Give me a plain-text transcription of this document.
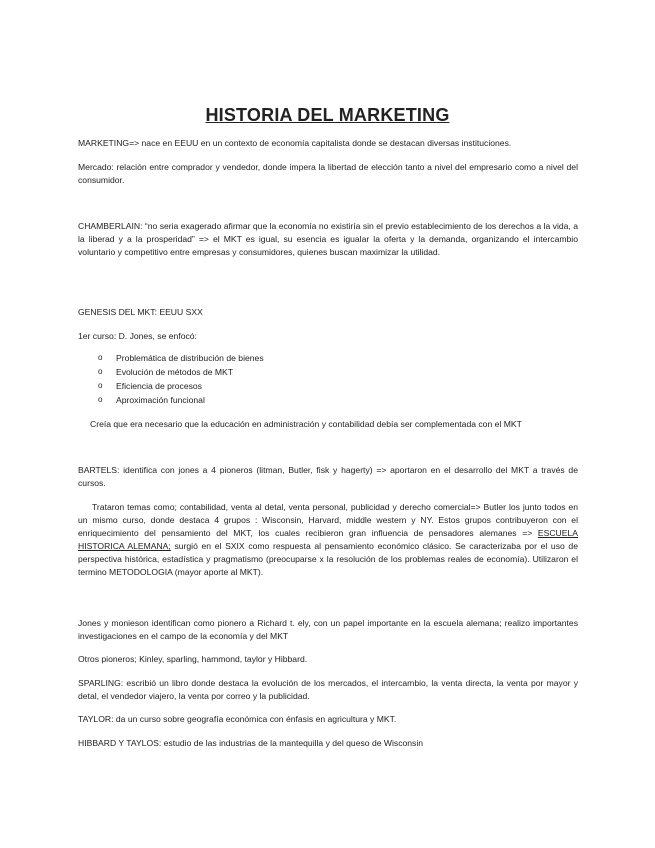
HISTORIA DEL MARKETING

MARKETING=> nace en EEUU en un contexto de economía capitalista donde se destacan diversas instituciones.

Mercado: relación entre comprador y vendedor, donde impera la libertad de elección tanto a nivel del empresario como a nivel del consumidor.

CHAMBERLAIN: “no seria exagerado afirmar que la economía no existiría sin el previo establecimiento de los derechos a la vida, a la liberad y a la prosperidad” => el MKT es igual, su esencia es igualar la oferta y la demanda, organizando el intercambio voluntario y competitivo entre empresas y consumidores, quienes buscan maximizar la utilidad.

GENESIS DEL MKT: EEUU SXX

1er curso: D. Jones, se enfocó:

o Problemática de distribución de bienes
o Evolución de métodos de MKT
o Eficiencia de procesos
o Aproximación funcional

Creía que era necesario que la educación en administración y contabilidad debía ser complementada con el MKT

BARTELS: identifica con jones a 4 pioneros (litman, Butler, fisk y hagerty) => aportaron en el desarrollo del MKT a través de cursos.

Trataron temas como; contabilidad, venta al detal, venta personal, publicidad y derecho comercial=> Butler los junto todos en un mismo curso, donde destaca 4 grupos : Wisconsin, Harvard, middle western y NY. Estos grupos contribuyeron con el enriquecimiento del pensamiento del MKT, los cuales recibieron gran influencia de pensadores alemanes => ESCUELA HISTORICA ALEMANA; surgió en el SXIX como respuesta al pensamiento económico clásico. Se caracterizaba por el uso de perspectiva histórica, estadística y pragmatismo (preocuparse x la resolución de los problemas reales de economía). Utilizaron el termino METODOLOGIA (mayor aporte al MKT).

Jones y monieson identifican como pionero a Richard t. ely, con un papel importante en la escuela alemana; realizo importantes investigaciones en el campo de la economía y del MKT

Otros pioneros; Kinley, sparling, hammond, taylor y Hibbard.

SPARLING: escribió un libro donde destaca la evolución de los mercados, el intercambio, la venta directa, la venta por mayor y detal, el vendedor viajero, la venta por correo y la publicidad.

TAYLOR: da un curso sobre geografía económica con énfasis en agricultura y MKT.

HIBBARD Y TAYLOS: estudio de las industrias de la mantequilla y del queso de Wisconsin
